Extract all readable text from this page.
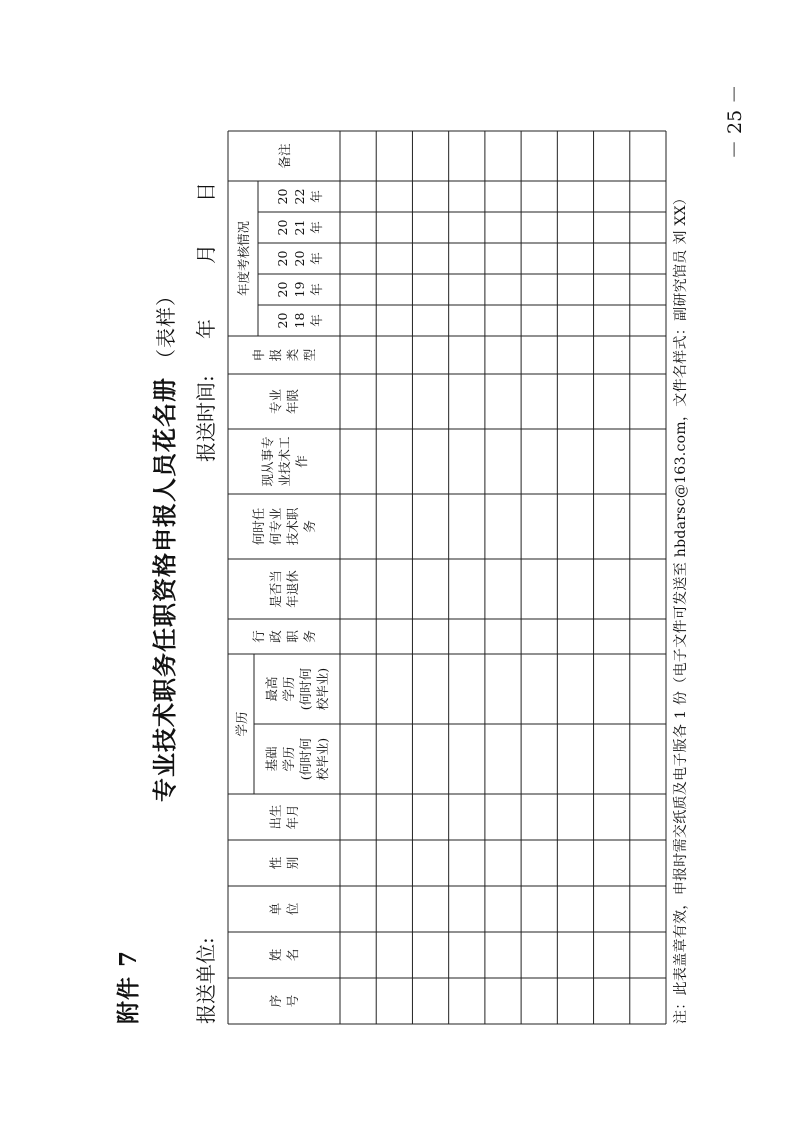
附件 7
专业技术职务任职资格申报人员花名册（表样）
报送单位:
报送时间:
年
月
日
－ 25 －
序
号
姓
名
单
位
性
别
出生
年月
学历
基础
学历
(何时何
校毕业)
最高
学历
(何时何
校毕业)
行
政
职
务
是否当
年退休
何时任
何专业
技术职
务
现从事专
业技术工
作
专业
年限
申
报
类
型
年度考核情况
20
18
年
20
19
年
20
20
年
20
21
年
20
22
年
备注
注：此表盖章有效，申报时需交纸质及电子版各 1 份（电子文件可发送至 hbdarsc@163.com，文件名样式：副研究馆员 刘 XX）
